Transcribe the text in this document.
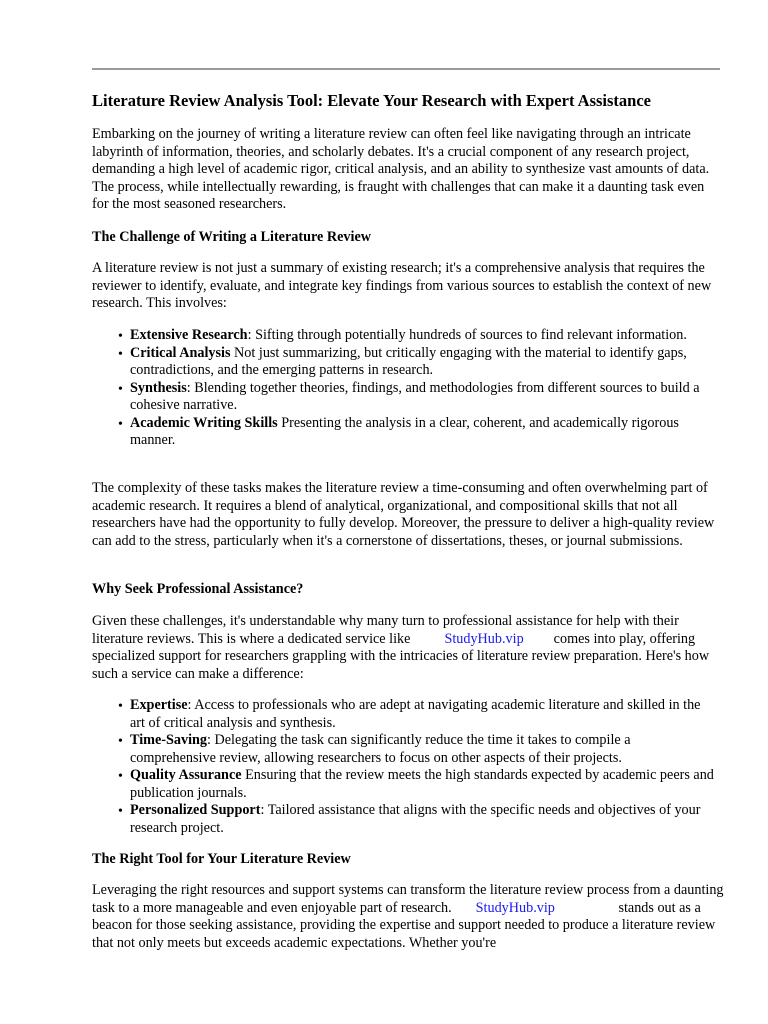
Literature Review Analysis Tool: Elevate Your Research with Expert Assistance

Embarking on the journey of writing a literature review can often feel like navigating through an intricate labyrinth of information, theories, and scholarly debates. It's a crucial component of any research project, demanding a high level of academic rigor, critical analysis, and an ability to synthesize vast amounts of data. The process, while intellectually rewarding, is fraught with challenges that can make it a daunting task even for the most seasoned researchers.

The Challenge of Writing a Literature Review

A literature review is not just a summary of existing research; it's a comprehensive analysis that requires the reviewer to identify, evaluate, and integrate key findings from various sources to establish the context of new research. This involves:

• Extensive Research: Sifting through potentially hundreds of sources to find relevant information.
• Critical Analysis Not just summarizing, but critically engaging with the material to identify gaps, contradictions, and the emerging patterns in research.
• Synthesis: Blending together theories, findings, and methodologies from different sources to build a cohesive narrative.
• Academic Writing Skills Presenting the analysis in a clear, coherent, and academically rigorous manner.

The complexity of these tasks makes the literature review a time-consuming and often overwhelming part of academic research. It requires a blend of analytical, organizational, and compositional skills that not all researchers have had the opportunity to fully develop. Moreover, the pressure to deliver a high-quality review can add to the stress, particularly when it's a cornerstone of dissertations, theses, or journal submissions.

Why Seek Professional Assistance?

Given these challenges, it's understandable why many turn to professional assistance for help with their literature reviews. This is where a dedicated service like StudyHub.vip comes into play, offering specialized support for researchers grappling with the intricacies of literature review preparation. Here's how such a service can make a difference:

• Expertise: Access to professionals who are adept at navigating academic literature and skilled in the art of critical analysis and synthesis.
• Time-Saving: Delegating the task can significantly reduce the time it takes to compile a comprehensive review, allowing researchers to focus on other aspects of their projects.
• Quality Assurance Ensuring that the review meets the high standards expected by academic peers and publication journals.
• Personalized Support: Tailored assistance that aligns with the specific needs and objectives of your research project.
The Right Tool for Your Literature Review

Leveraging the right resources and support systems can transform the literature review process from a daunting task to a more manageable and even enjoyable part of research. StudyHub.vip	stands out as a beacon for those seeking assistance, providing the expertise and support needed to produce a literature review that not only meets but exceeds academic expectations. Whether you're
